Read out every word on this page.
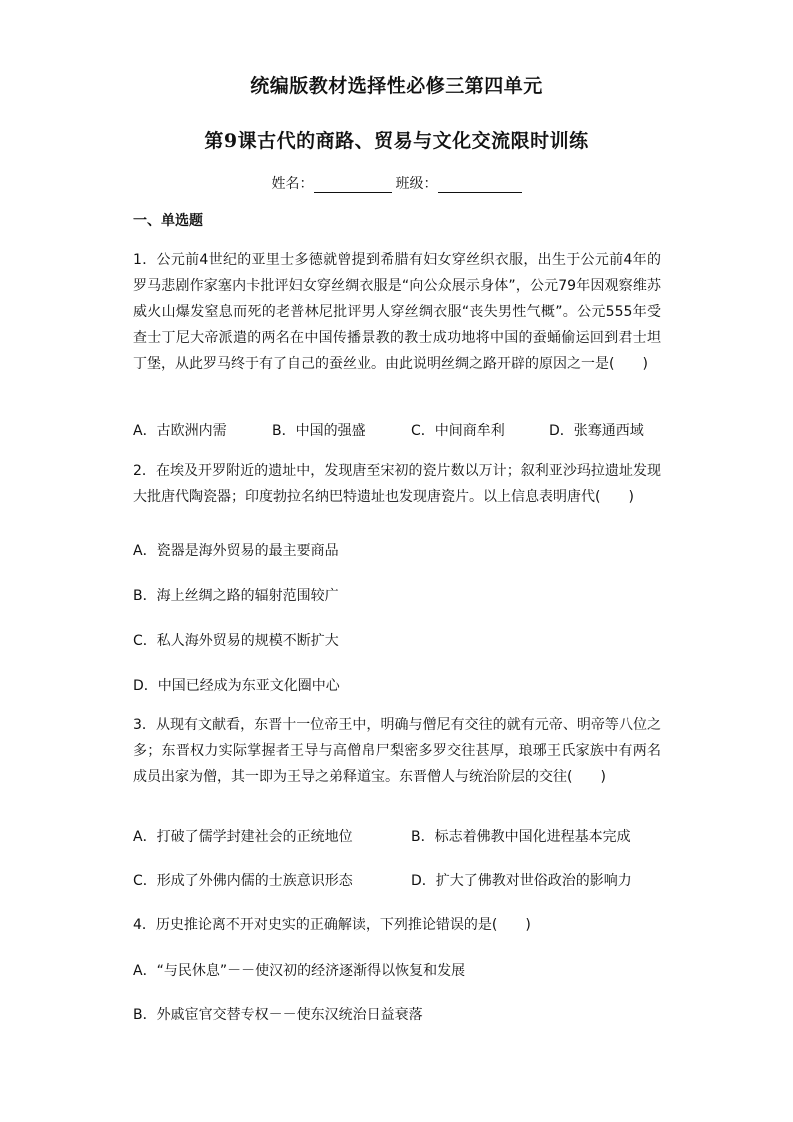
统编版教材选择性必修三第四单元
第9课古代的商路、贸易与文化交流限时训练
姓名：	班级：
一、单选题
1．公元前4世纪的亚里士多德就曾提到希腊有妇女穿丝织衣服，出生于公元前4年的罗马悲剧作家塞内卡批评妇女穿丝绸衣服是“向公众展示身体”，公元79年因观察维苏威火山爆发窒息而死的老普林尼批评男人穿丝绸衣服“丧失男性气概”。公元555年受查士丁尼大帝派遣的两名在中国传播景教的教士成功地将中国的蚕蛹偷运回到君士坦丁堡，从此罗马终于有了自己的蚕丝业。由此说明丝绸之路开辟的原因之一是(　　)
A．古欧洲内需	B．中国的强盛	C．中间商牟利	D．张骞通西域
2．在埃及开罗附近的遗址中，发现唐至宋初的瓷片数以万计；叙利亚沙玛拉遗址发现大批唐代陶瓷器；印度勃拉名纳巴特遗址也发现唐瓷片。以上信息表明唐代(　　)
A．瓷器是海外贸易的最主要商品
B．海上丝绸之路的辐射范围较广
C．私人海外贸易的规模不断扩大
D．中国已经成为东亚文化圈中心
3．从现有文献看，东晋十一位帝王中，明确与僧尼有交往的就有元帝、明帝等八位之多；东晋权力实际掌握者王导与高僧帛尸梨密多罗交往甚厚，琅琊王氏家族中有两名成员出家为僧，其一即为王导之弟释道宝。东晋僧人与统治阶层的交往(　　)
A．打破了儒学封建社会的正统地位	B．标志着佛教中国化进程基本完成
C．形成了外佛内儒的士族意识形态	D．扩大了佛教对世俗政治的影响力
4．历史推论离不开对史实的正确解读，下列推论错误的是(　　)
A．“与民休息”－－使汉初的经济逐渐得以恢复和发展
B．外戚宦官交替专权－－使东汉统治日益衰落
